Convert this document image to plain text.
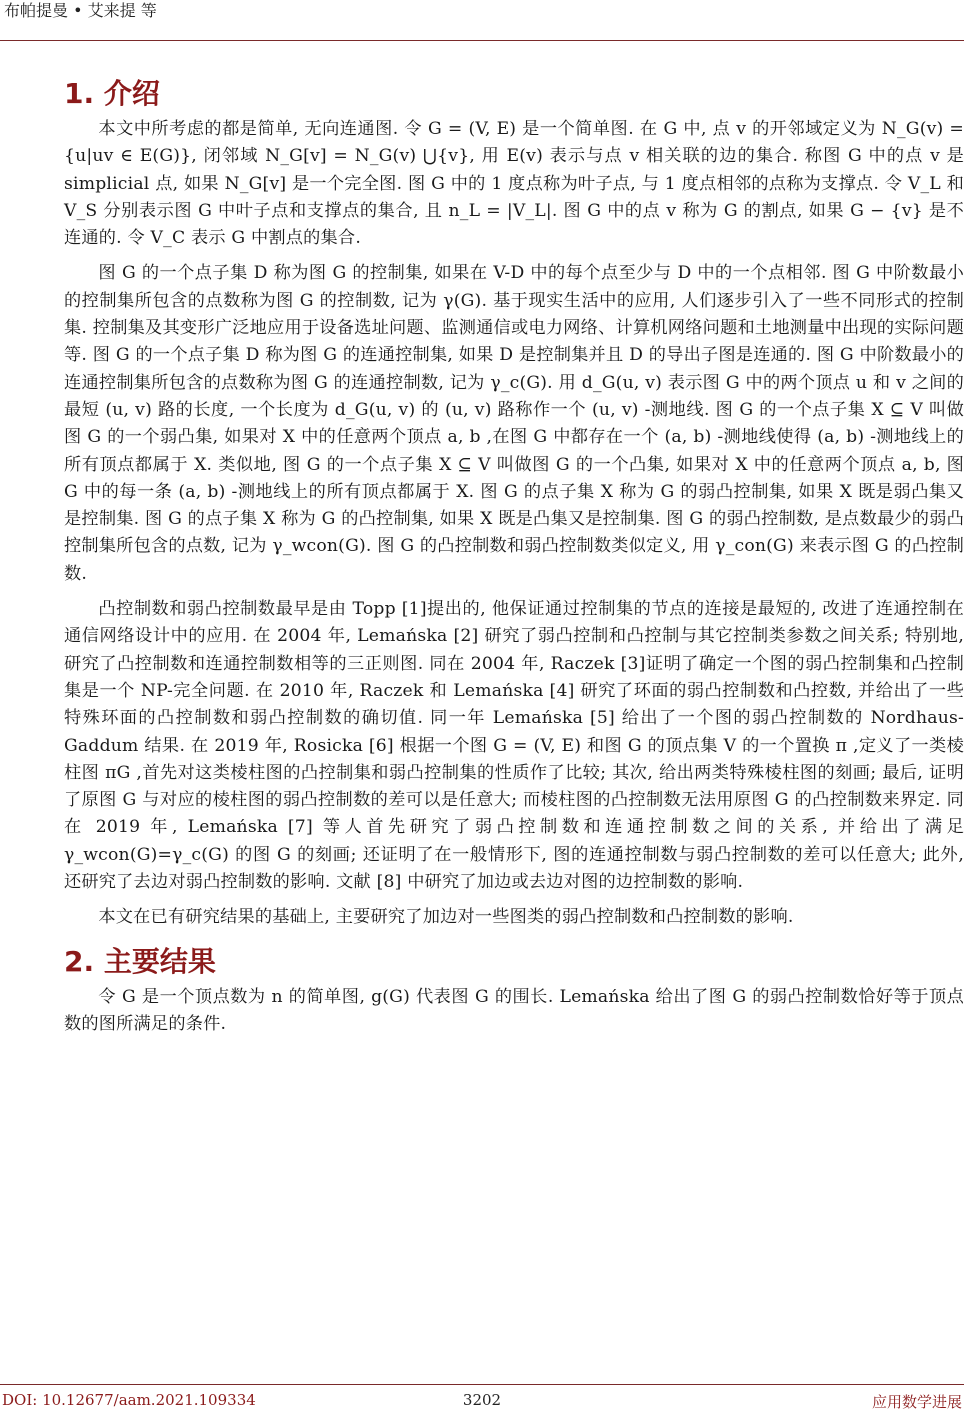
布帕提曼 • 艾来提 等
1. 介绍

本文中所考虑的都是简单, 无向连通图. 令 G = (V, E) 是一个简单图. 在 G 中, 点 v 的开邻域定义为 N_G(v) = {u|uv ∈ E(G)}, 闭邻域 N_G[v] = N_G(v) ⋃{v}, 用 E(v) 表示与点 v 相关联的边的集合. 称图 G 中的点 v 是 simplicial 点, 如果 N_G[v] 是一个完全图. 图 G 中的 1 度点称为叶子点, 与 1 度点相邻的点称为支撑点. 令 V_L 和 V_S 分别表示图 G 中叶子点和支撑点的集合, 且 n_L = |V_L|. 图 G 中的点 v 称为 G 的割点, 如果 G − {v} 是不连通的. 令 V_C 表示 G 中割点的集合.

图 G 的一个点子集 D 称为图 G 的控制集, 如果在 V-D 中的每个点至少与 D 中的一个点相邻. 图 G 中阶数最小的控制集所包含的点数称为图 G 的控制数, 记为 γ(G). 基于现实生活中的应用, 人们逐步引入了一些不同形式的控制集. 控制集及其变形广泛地应用于设备选址问题、监测通信或电力网络、计算机网络问题和土地测量中出现的实际问题等. 图 G 的一个点子集 D 称为图 G 的连通控制集, 如果 D 是控制集并且 D 的导出子图是连通的. 图 G 中阶数最小的连通控制集所包含的点数称为图 G 的连通控制数, 记为 γ_c(G). 用 d_G(u, v) 表示图 G 中的两个顶点 u 和 v 之间的最短 (u, v) 路的长度, 一个长度为 d_G(u, v) 的 (u, v) 路称作一个 (u, v) -测地线. 图 G 的一个点子集 X ⊆ V 叫做图 G 的一个弱凸集, 如果对 X 中的任意两个顶点 a, b ,在图 G 中都存在一个 (a, b) -测地线使得 (a, b) -测地线上的所有顶点都属于 X. 类似地, 图 G 的一个点子集 X ⊆ V 叫做图 G 的一个凸集, 如果对 X 中的任意两个顶点 a, b, 图 G 中的每一条 (a, b) -测地线上的所有顶点都属于 X. 图 G 的点子集 X 称为 G 的弱凸控制集, 如果 X 既是弱凸集又是控制集. 图 G 的点子集 X 称为 G 的凸控制集, 如果 X 既是凸集又是控制集. 图 G 的弱凸控制数, 是点数最少的弱凸控制集所包含的点数, 记为 γ_wcon(G). 图 G 的凸控制数和弱凸控制数类似定义, 用 γ_con(G) 来表示图 G 的凸控制数.

凸控制数和弱凸控制数最早是由 Topp [1]提出的, 他保证通过控制集的节点的连接是最短的, 改进了连通控制在通信网络设计中的应用. 在 2004 年, Lemańska [2] 研究了弱凸控制和凸控制与其它控制类参数之间关系; 特别地, 研究了凸控制数和连通控制数相等的三正则图. 同在 2004 年, Raczek [3]证明了确定一个图的弱凸控制集和凸控制集是一个 NP-完全问题. 在 2010 年, Raczek 和 Lemańska [4] 研究了环面的弱凸控制数和凸控数, 并给出了一些特殊环面的凸控制数和弱凸控制数的确切值. 同一年 Lemańska [5] 给出了一个图的弱凸控制数的 Nordhaus-Gaddum 结果. 在 2019 年, Rosicka [6] 根据一个图 G = (V, E) 和图 G 的顶点集 V 的一个置换 π ,定义了一类棱柱图 πG ,首先对这类棱柱图的凸控制集和弱凸控制集的性质作了比较; 其次, 给出两类特殊棱柱图的刻画; 最后, 证明了原图 G 与对应的棱柱图的弱凸控制数的差可以是任意大; 而棱柱图的凸控制数无法用原图 G 的凸控制数来界定. 同在 2019 年, Lemańska [7] 等人首先研究了弱凸控制数和连通控制数之间的关系, 并给出了满足 γ_wcon(G)=γ_c(G) 的图 G 的刻画; 还证明了在一般情形下, 图的连通控制数与弱凸控制数的差可以任意大; 此外, 还研究了去边对弱凸控制数的影响. 文献 [8] 中研究了加边或去边对图的边控制数的影响.

本文在已有研究结果的基础上, 主要研究了加边对一些图类的弱凸控制数和凸控制数的影响.

2. 主要结果

令 G 是一个顶点数为 n 的简单图, g(G) 代表图 G 的围长. Lemańska 给出了图 G 的弱凸控制数恰好等于顶点数的图所满足的条件.

DOI: 10.12677/aam.2021.109334	3202	应用数学进展
